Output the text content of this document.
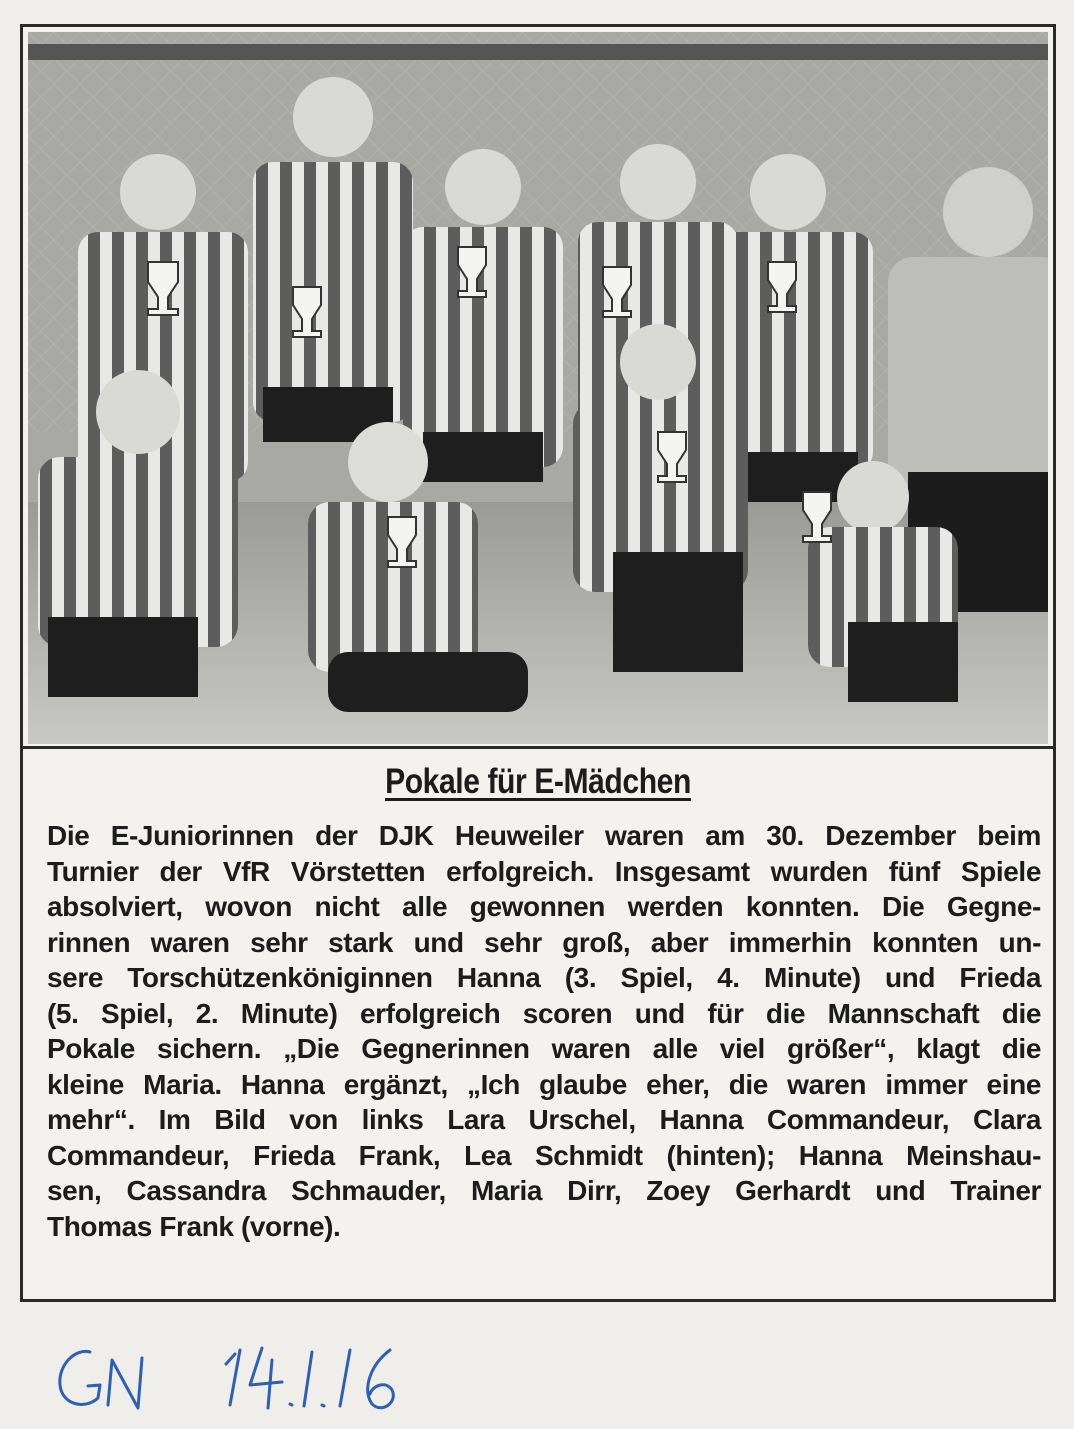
Pokale für E-Mädchen
Die E-Juniorinnen der DJK Heuweiler waren am 30. Dezember beim
Turnier der VfR Vörstetten erfolgreich. Insgesamt wurden fünf Spiele
absolviert, wovon nicht alle gewonnen werden konnten. Die Gegne-
rinnen waren sehr stark und sehr groß, aber immerhin konnten un-
sere Torschützenköniginnen Hanna (3. Spiel, 4. Minute) und Frieda
(5. Spiel, 2. Minute) erfolgreich scoren und für die Mannschaft die
Pokale sichern. „Die Gegnerinnen waren alle viel größer“, klagt die
kleine Maria. Hanna ergänzt, „Ich glaube eher, die waren immer eine
mehr“. Im Bild von links Lara Urschel, Hanna Commandeur, Clara
Commandeur, Frieda Frank, Lea Schmidt (hinten); Hanna Meinshau-
sen, Cassandra Schmauder, Maria Dirr, Zoey Gerhardt und Trainer
Thomas Frank (vorne).
